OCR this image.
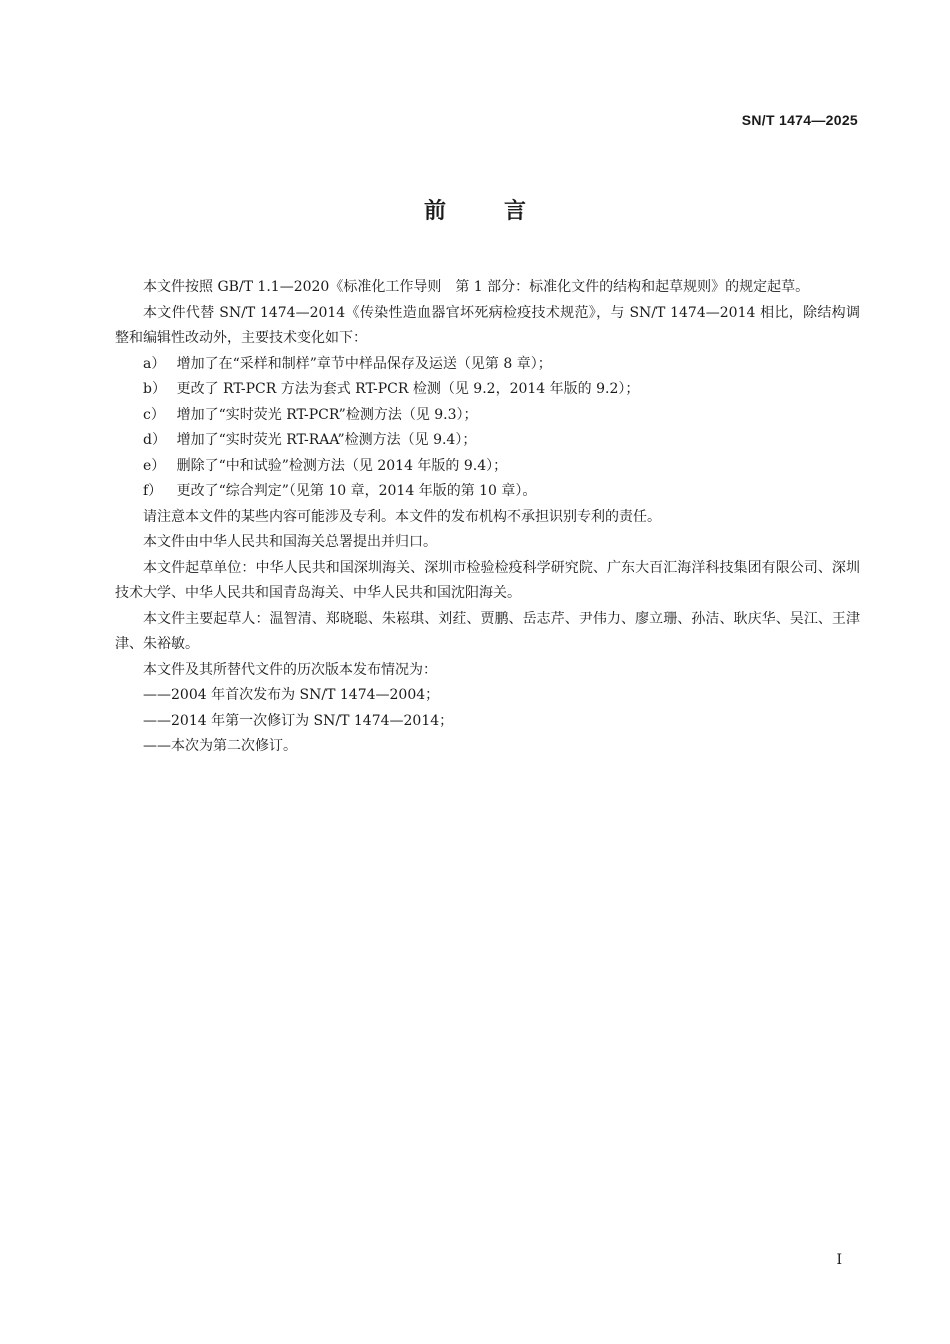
SN/T 1474—2025
前言

本文件按照 GB/T 1.1—2020《标准化工作导则　第 1 部分：标准化文件的结构和起草规则》的规定起草。

本文件代替 SN/T 1474—2014《传染性造血器官坏死病检疫技术规范》，与 SN/T 1474—2014 相比，除结构调整和编辑性改动外，主要技术变化如下：

a） 增加了在“采样和制样”章节中样品保存及运送（见第 8 章）；

b） 更改了 RT-PCR 方法为套式 RT-PCR 检测（见 9.2，2014 年版的 9.2）；

c） 增加了“实时荧光 RT-PCR”检测方法（见 9.3）；

d） 增加了“实时荧光 RT-RAA”检测方法（见 9.4）；

e） 删除了“中和试验”检测方法（见 2014 年版的 9.4）；

f） 更改了“综合判定”（见第 10 章，2014 年版的第 10 章）。

请注意本文件的某些内容可能涉及专利。本文件的发布机构不承担识别专利的责任。

本文件由中华人民共和国海关总署提出并归口。

本文件起草单位：中华人民共和国深圳海关、深圳市检验检疫科学研究院、广东大百汇海洋科技集团有限公司、深圳技术大学、中华人民共和国青岛海关、中华人民共和国沈阳海关。

本文件主要起草人：温智清、郑晓聪、朱崧琪、刘荭、贾鹏、岳志芹、尹伟力、廖立珊、孙洁、耿庆华、吴江、王津津、朱裕敏。

本文件及其所替代文件的历次版本发布情况为：

——2004 年首次发布为 SN/T 1474—2004；

——2014 年第一次修订为 SN/T 1474—2014；

——本次为第二次修订。

I
